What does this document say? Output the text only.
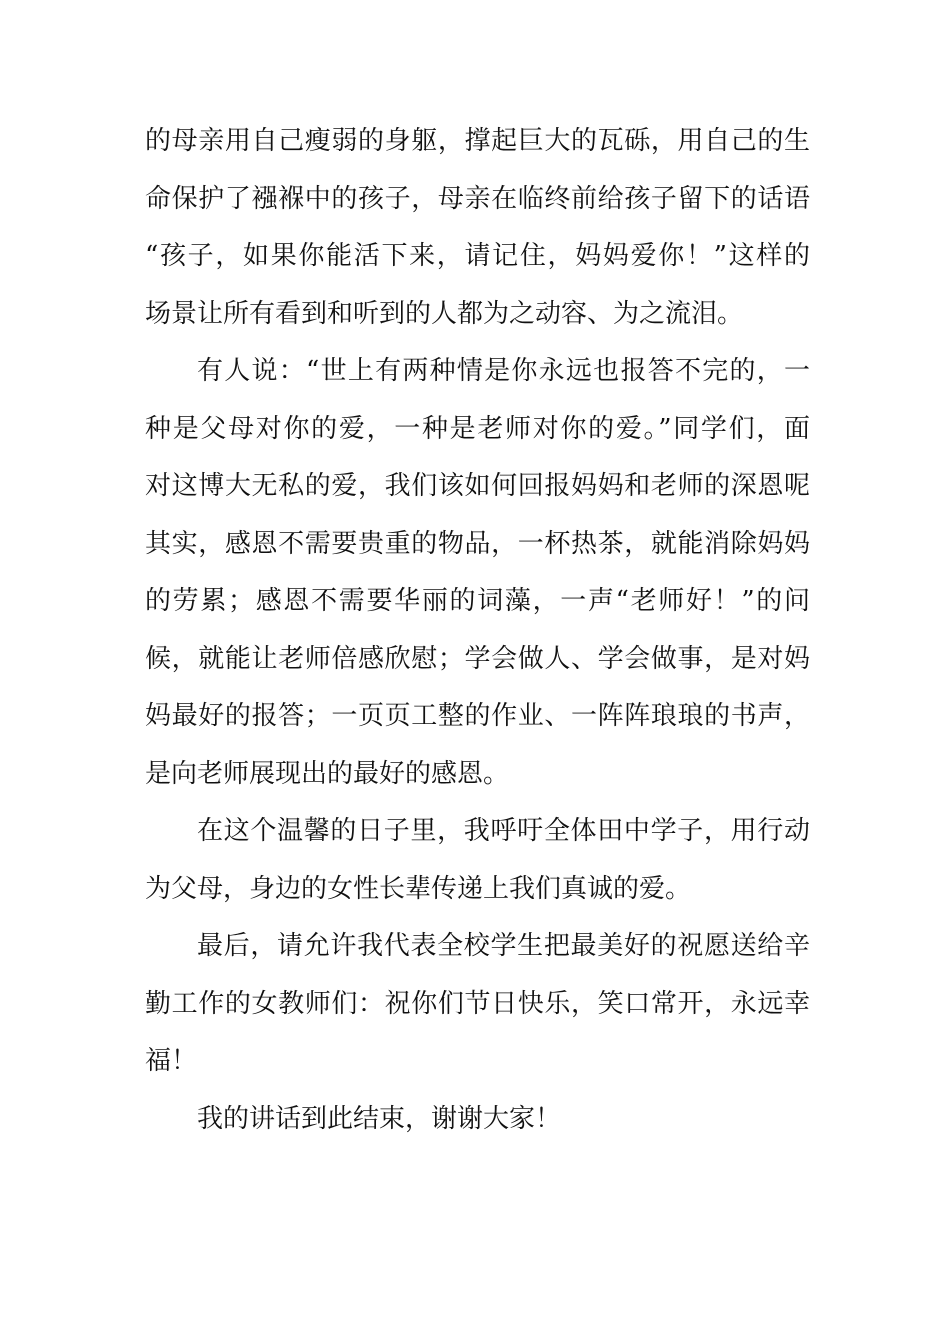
的母亲用自己瘦弱的身躯，撑起巨大的瓦砾，用自己的生
命保护了襁褓中的孩子，母亲在临终前给孩子留下的话语
“孩子，如果你能活下来，请记住，妈妈爱你！”这样的
场景让所有看到和听到的人都为之动容、为之流泪。
有人说：“世上有两种情是你永远也报答不完的，一
种是父母对你的爱，一种是老师对你的爱。”同学们，面
对这博大无私的爱，我们该如何回报妈妈和老师的深恩呢
其实，感恩不需要贵重的物品，一杯热茶，就能消除妈妈
的劳累；感恩不需要华丽的词藻，一声“老师好！”的问
候，就能让老师倍感欣慰；学会做人、学会做事，是对妈
妈最好的报答；一页页工整的作业、一阵阵琅琅的书声，
是向老师展现出的最好的感恩。
在这个温馨的日子里，我呼吁全体田中学子，用行动
为父母，身边的女性长辈传递上我们真诚的爱。
最后，请允许我代表全校学生把最美好的祝愿送给辛
勤工作的女教师们：祝你们节日快乐，笑口常开，永远幸
福！
我的讲话到此结束，谢谢大家！
